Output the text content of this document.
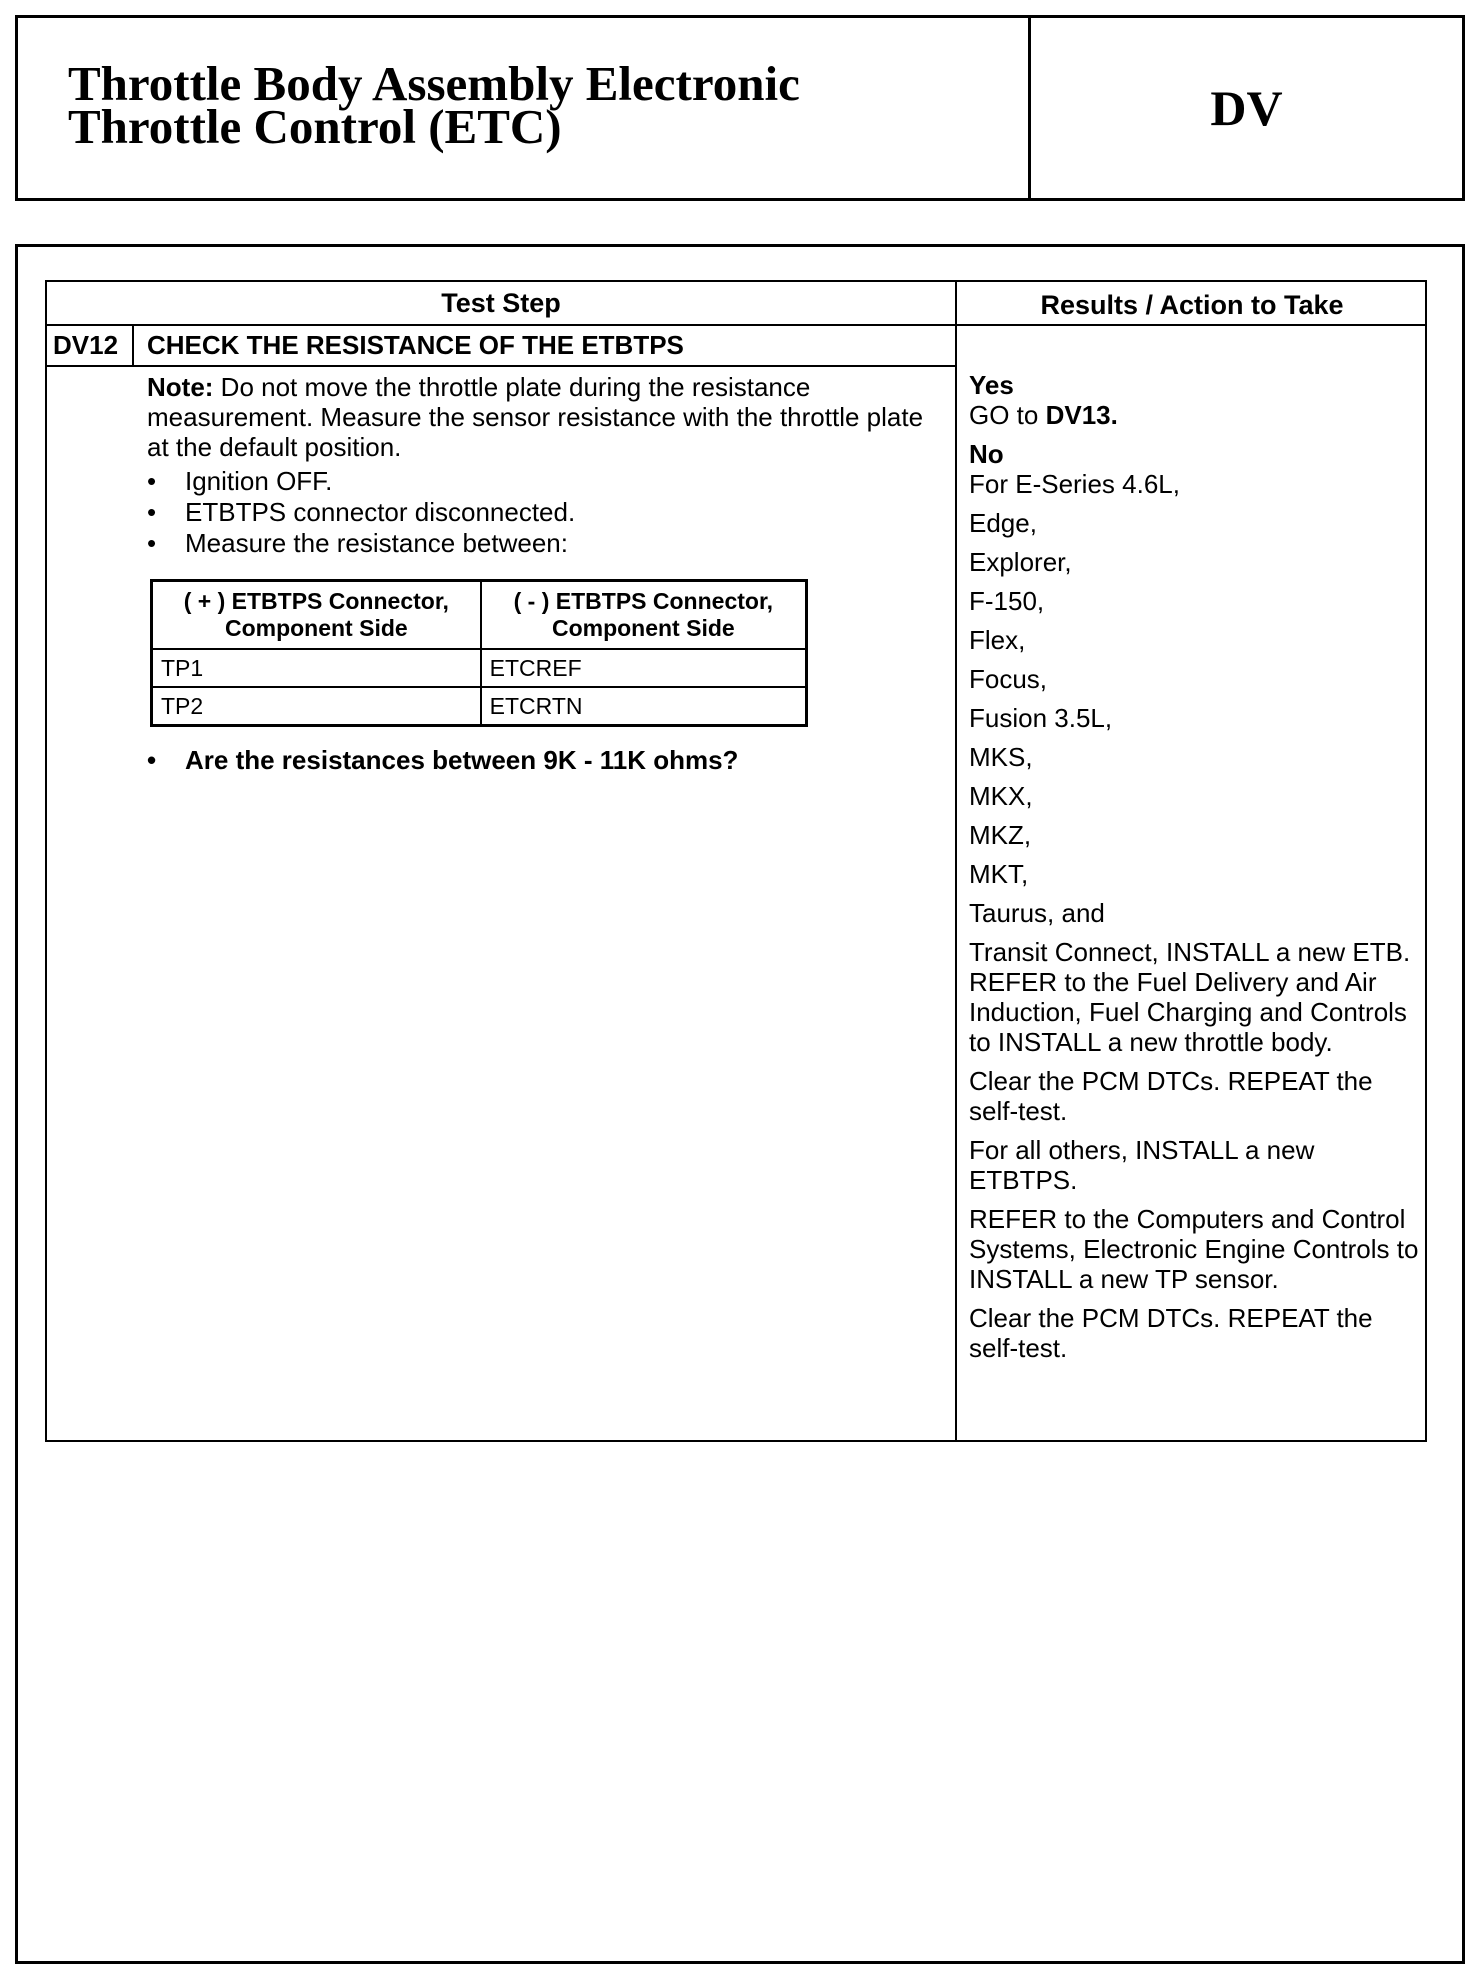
Throttle Body Assembly Electronic
Throttle Control (ETC)	DV
Test Step	Results / Action to Take
DV12 CHECK THE RESISTANCE OF THE ETBTPS
Note: Do not move the throttle plate during the resistance measurement. Measure the sensor resistance with the throttle plate at the default position.
• Ignition OFF.
• ETBTPS connector disconnected.
• Measure the resistance between:
( + ) ETBTPS Connector, Component Side	( - ) ETBTPS Connector, Component Side
TP1	ETCREF
TP2	ETCRTN
• Are the resistances between 9K - 11K ohms?

Yes

GO to DV13.

No

For E-Series 4.6L,

Edge,

Explorer,

F-150,

Flex,

Focus,

Fusion 3.5L,

MKS,

MKX,

MKZ,

MKT,

Taurus, and

Transit Connect, INSTALL a new ETB. REFER to the Fuel Delivery and Air Induction, Fuel Charging and Controls to INSTALL a new throttle body.

Clear the PCM DTCs. REPEAT the self-test.

For all others, INSTALL a new ETBTPS.

REFER to the Computers and Control Systems, Electronic Engine Controls to INSTALL a new TP sensor.

Clear the PCM DTCs. REPEAT the self-test.
